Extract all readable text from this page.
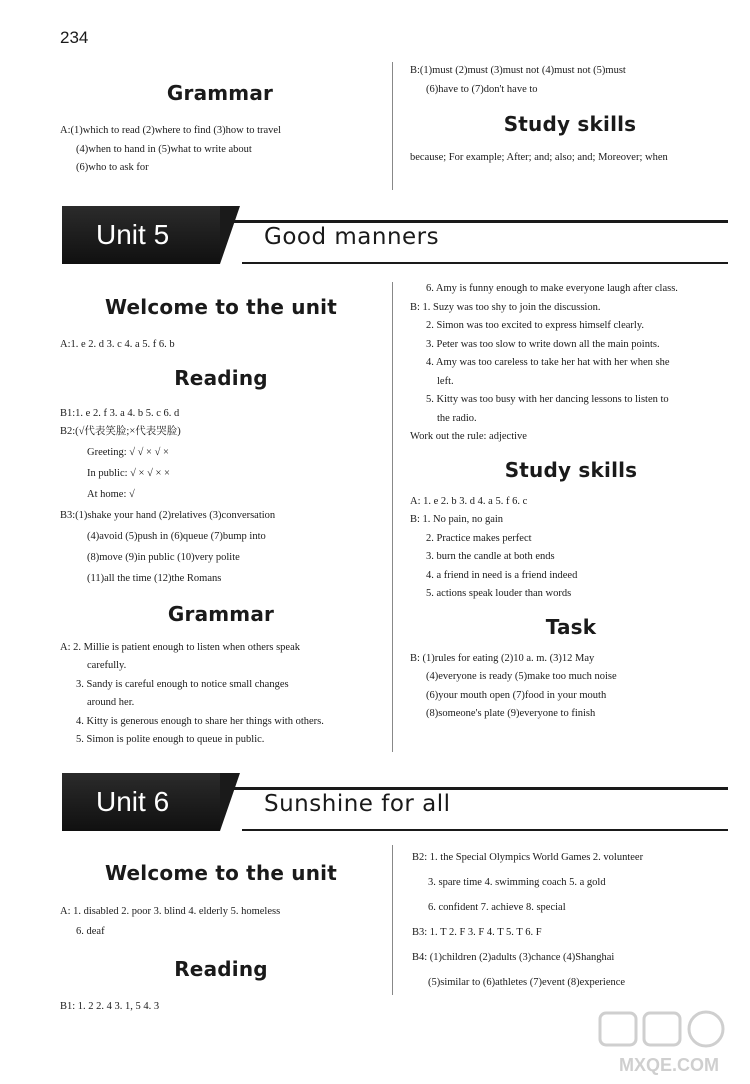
234

Grammar

A:(1)which to read (2)where to find (3)how to travel

(4)when to hand in (5)what to write about

(6)who to ask for

B:(1)must (2)must (3)must not (4)must not (5)must

(6)have to (7)don't have to

Study skills

because; For example; After; and; also; and; Moreover; when

Unit 5	Good manners

Welcome to the unit

A:1. e 2. d 3. c 4. a 5. f 6. b

Reading

B1:1. e 2. f 3. a 4. b 5. c 6. d

B2:(√代表笑脸;×代表哭脸)

Greeting: √ √ × √ ×

In public: √ × √ × ×

At home: √

B3:(1)shake your hand (2)relatives (3)conversation

(4)avoid (5)push in (6)queue (7)bump into

(8)move (9)in public (10)very polite

(11)all the time (12)the Romans

Grammar

A: 2. Millie is patient enough to listen when others speak

carefully.

3. Sandy is careful enough to notice small changes

around her.

4. Kitty is generous enough to share her things with others.

5. Simon is polite enough to queue in public.

6. Amy is funny enough to make everyone laugh after class.

B: 1. Suzy was too shy to join the discussion.

2. Simon was too excited to express himself clearly.

3. Peter was too slow to write down all the main points.

4. Amy was too careless to take her hat with her when she

left.

5. Kitty was too busy with her dancing lessons to listen to

the radio.

Work out the rule: adjective

Study skills

A: 1. e 2. b 3. d 4. a 5. f 6. c

B: 1. No pain, no gain

2. Practice makes perfect

3. burn the candle at both ends

4. a friend in need is a friend indeed

5. actions speak louder than words

Task

B: (1)rules for eating (2)10 a. m. (3)12 May

(4)everyone is ready (5)make too much noise

(6)your mouth open (7)food in your mouth

(8)someone's plate (9)everyone to finish

Unit 6	Sunshine for all

Welcome to the unit

A: 1. disabled 2. poor 3. blind 4. elderly 5. homeless

6. deaf

Reading

B1: 1. 2 2. 4 3. 1, 5 4. 3

B2: 1. the Special Olympics World Games 2. volunteer

3. spare time 4. swimming coach 5. a gold

6. confident 7. achieve 8. special

B3: 1. T 2. F 3. F 4. T 5. T 6. F

B4: (1)children (2)adults (3)chance (4)Shanghai

(5)similar to (6)athletes (7)event (8)experience

MXQE.COM
